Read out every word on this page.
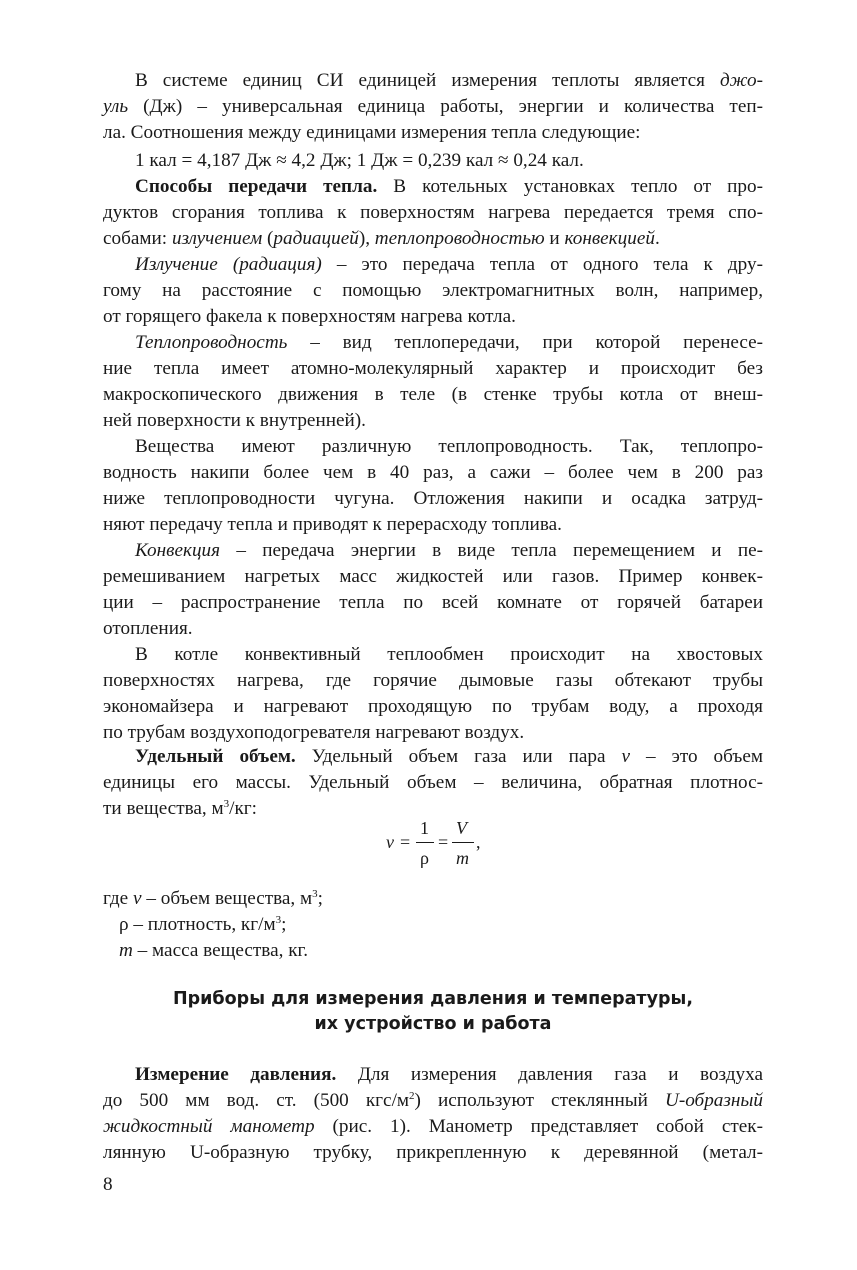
В системе единиц СИ единицей измерения теплоты является джо-
уль (Дж) – универсальная единица работы, энергии и количества теп-
ла. Соотношения между единицами измерения тепла следующие:
1 кал = 4,187 Дж ≈ 4,2 Дж; 1 Дж = 0,239 кал ≈ 0,24 кал.
Способы передачи тепла. В котельных установках тепло от про-
дуктов сгорания топлива к поверхностям нагрева передается тремя спо-
собами: излучением (радиацией), теплопроводностью и конвекцией.
Излучение (радиация) – это передача тепла от одного тела к дру-
гому на расстояние с помощью электромагнитных волн, например,
от горящего факела к поверхностям нагрева котла.
Теплопроводность – вид теплопередачи, при которой перенесе-
ние тепла имеет атомно-молекулярный характер и происходит без
макроскопического движения в теле (в стенке трубы котла от внеш-
ней поверхности к внутренней).
Вещества имеют различную теплопроводность. Так, теплопро-
водность накипи более чем в 40 раз, а сажи – более чем в 200 раз
ниже теплопроводности чугуна. Отложения накипи и осадка затруд-
няют передачу тепла и приводят к перерасходу топлива.
Конвекция – передача энергии в виде тепла перемещением и пе-
ремешиванием нагретых масс жидкостей или газов. Пример конвек-
ции – распространение тепла по всей комнате от горячей батареи
отопления.
В котле конвективный теплообмен происходит на хвостовых
поверхностях нагрева, где горячие дымовые газы обтекают трубы
экономайзера и нагревают проходящую по трубам воду, а проходя
по трубам воздухоподогревателя нагревают воздух.
Удельный объем. Удельный объем газа или пара v – это объем
единицы его массы. Удельный объем – величина, обратная плотнос-
ти вещества, $м^3/кг$:
где v – объем вещества, $м^3$;
ρ – плотность, $кг/м^3$;
m – масса вещества, кг.
Измерение давления. Для измерения давления газа и воздуха
до 500 мм вод. ст. (500 кгс/$м^2$) используют стеклянный U-образный
жидкостный манометр (рис. 1). Манометр представляет собой стек-
лянную U-образную трубку, прикрепленную к деревянной (метал-
v =
1
ρ
=
V
m
,
Приборы для измерения давления и температуры,
их устройство и работа
8
